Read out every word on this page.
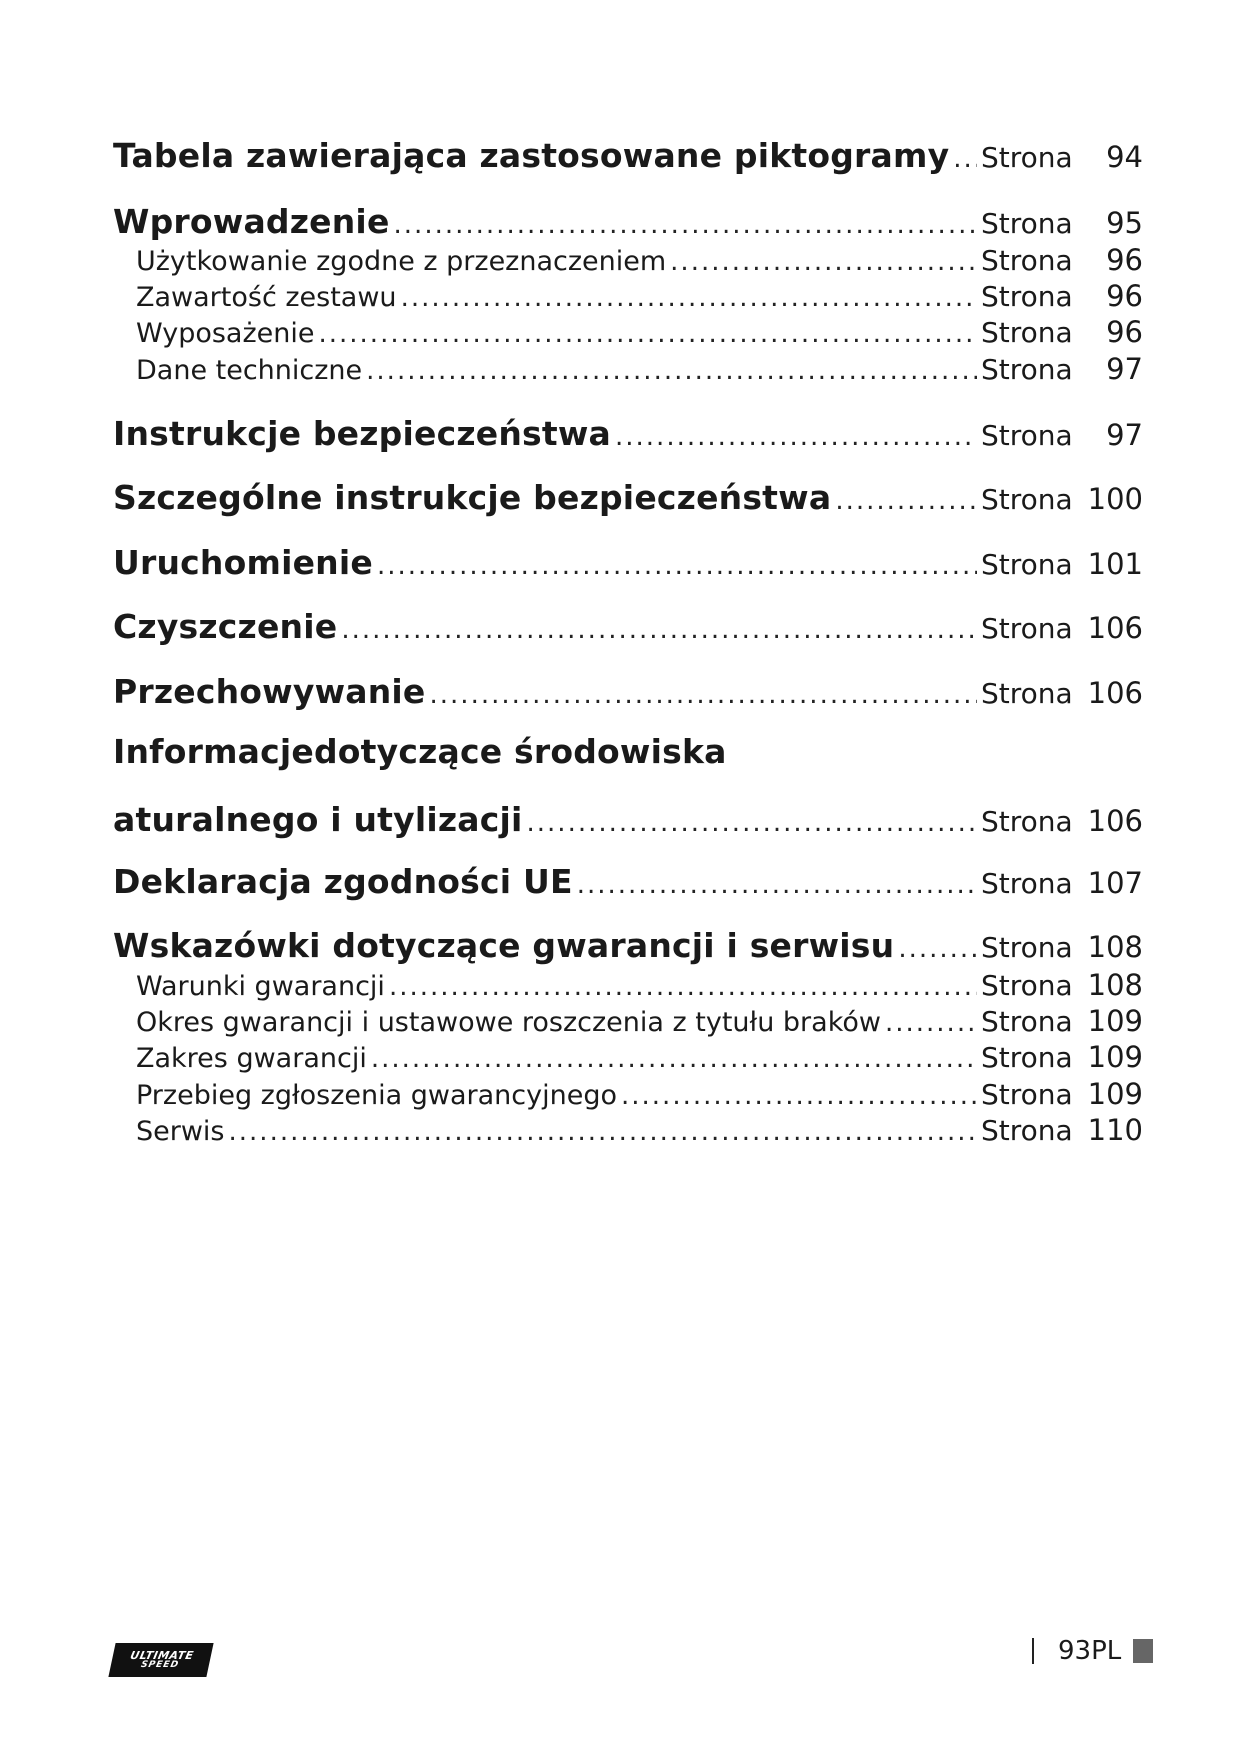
Tabela zawierająca zastosowane piktogramy ..... Strona	94
Wprowadzenie .....	Strona	95
Użytkowanie zgodne z przeznaczeniem .....	Strona	96
Zawartość zestawu .....	Strona	96
Wyposażenie .....	Strona	96
Dane techniczne .....	Strona	97
Instrukcje bezpieczeństwa .....	Strona	97
Szczególne instrukcje bezpieczeństwa .....	Strona 100
Uruchomienie .....	Strona 101
Czyszczenie .....	Strona 106
Przechowywanie .....	Strona 106
Informacjedotyczące środowiska
aturalnego i utylizacji .....	Strona 106
Deklaracja zgodności UE .....	Strona 107
Wskazówki dotyczące gwarancji i serwisu .....	Strona 108
Warunki gwarancji .....	Strona 108
Okres gwarancji i ustawowe roszczenia z tytułu braków .....	Strona 109
Zakres gwarancji .....	Strona 109
Przebieg zgłoszenia gwarancyjnego .....	Strona 109
Serwis .....	Strona 110
ULTIMATE
SPEED	93PL
